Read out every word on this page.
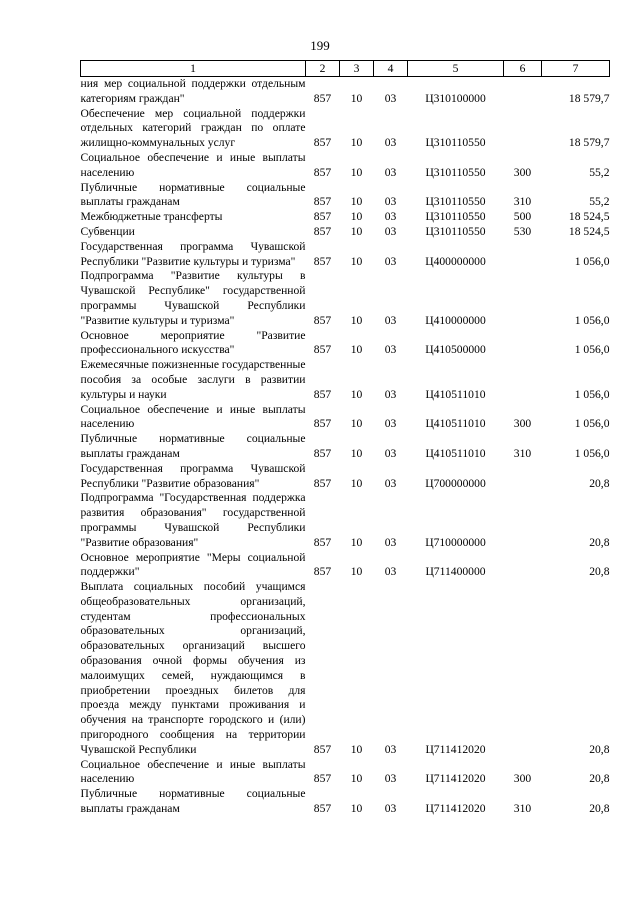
199
1	2	3	4	5	6	7
ния мер социальной поддержки отдельным категориям граждан"	857	10	03	Ц310100000		18 579,7
Обеспечение мер социальной поддержки отдельных категорий граждан по оплате жилищно-коммунальных услуг	857	10	03	Ц310110550		18 579,7
Социальное обеспечение и иные выплаты населению	857	10	03	Ц310110550	300	55,2
Публичные нормативные социальные выплаты гражданам	857	10	03	Ц310110550	310	55,2
Межбюджетные трансферты	857	10	03	Ц310110550	500	18 524,5
Субвенции	857	10	03	Ц310110550	530	18 524,5
Государственная программа Чувашской Республики "Развитие культуры и туризма"	857	10	03	Ц400000000		1 056,0
Подпрограмма "Развитие культуры в Чувашской Республике" государственной программы Чувашской Республики "Развитие культуры и туризма"	857	10	03	Ц410000000		1 056,0
Основное мероприятие "Развитие профессионального искусства"	857	10	03	Ц410500000		1 056,0
Ежемесячные пожизненные государственные пособия за особые заслуги в развитии культуры и науки	857	10	03	Ц410511010		1 056,0
Социальное обеспечение и иные выплаты населению	857	10	03	Ц410511010	300	1 056,0
Публичные нормативные социальные выплаты гражданам	857	10	03	Ц410511010	310	1 056,0
Государственная программа Чувашской Республики "Развитие образования"	857	10	03	Ц700000000		20,8
Подпрограмма "Государственная поддержка развития образования" государственной программы Чувашской Республики "Развитие образования"	857	10	03	Ц710000000		20,8
Основное мероприятие "Меры социальной поддержки"	857	10	03	Ц711400000		20,8
Выплата социальных пособий учащимся общеобразовательных организаций, студентам профессиональных образовательных организаций, образовательных организаций высшего образования очной формы обучения из малоимущих семей, нуждающимся в приобретении проездных билетов для проезда между пунктами проживания и обучения на транспорте городского и (или) пригородного сообщения на территории Чувашской Республики	857	10	03	Ц711412020		20,8
Социальное обеспечение и иные выплаты населению	857	10	03	Ц711412020	300	20,8
Публичные нормативные социальные выплаты гражданам	857	10	03	Ц711412020	310	20,8
